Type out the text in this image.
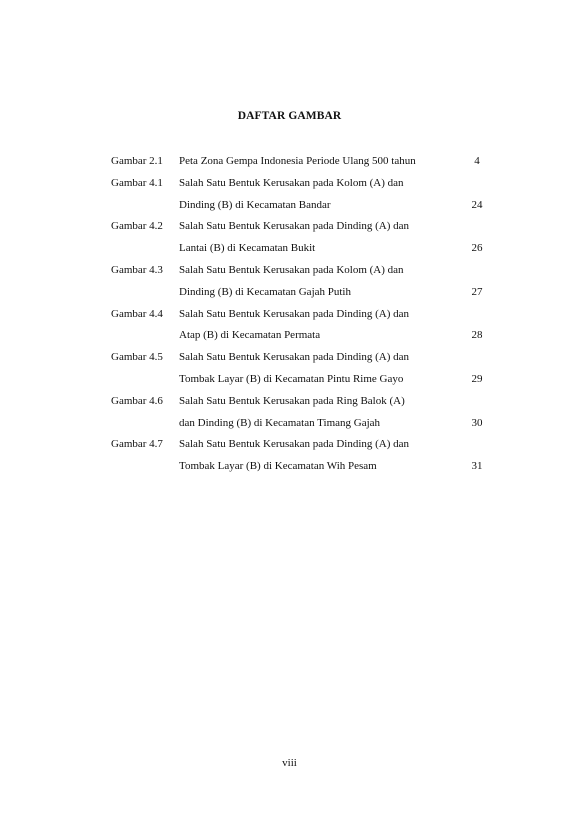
DAFTAR GAMBAR
Gambar 2.1 Peta Zona Gempa Indonesia Periode Ulang 500 tahun	4
Gambar 4.1 Salah Satu Bentuk Kerusakan pada Kolom (A) dan
Dinding (B) di Kecamatan Bandar	24
Gambar 4.2 Salah Satu Bentuk Kerusakan pada Dinding (A) dan
Lantai (B) di Kecamatan Bukit	26
Gambar 4.3 Salah Satu Bentuk Kerusakan pada Kolom (A) dan
Dinding (B) di Kecamatan Gajah Putih	27
Gambar 4.4 Salah Satu Bentuk Kerusakan pada Dinding (A) dan
Atap (B) di Kecamatan Permata	28
Gambar 4.5 Salah Satu Bentuk Kerusakan pada Dinding (A) dan
Tombak Layar (B) di Kecamatan Pintu Rime Gayo	29
Gambar 4.6 Salah Satu Bentuk Kerusakan pada Ring Balok (A)
dan Dinding (B) di Kecamatan Timang Gajah	30
Gambar 4.7 Salah Satu Bentuk Kerusakan pada Dinding (A) dan
Tombak Layar (B) di Kecamatan Wih Pesam	31
viii
